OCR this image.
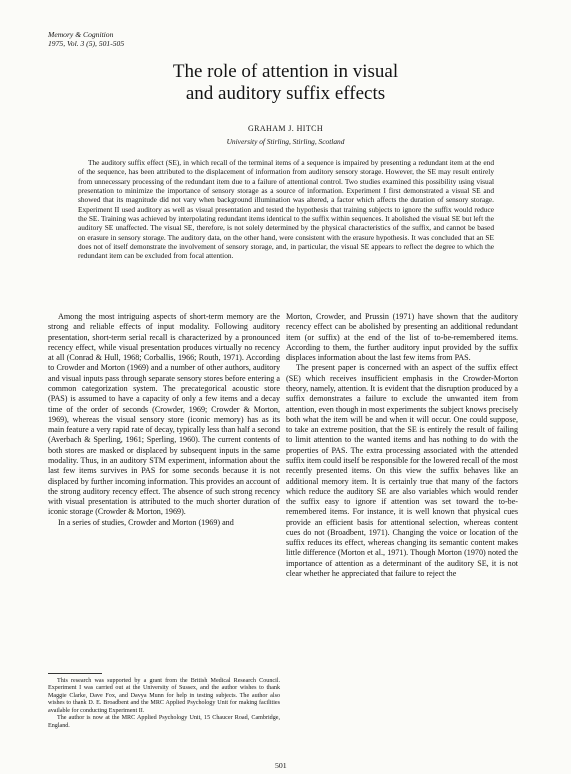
Memory & Cognition
1975, Vol. 3 (5), 501-505
The role of attention in visual
and auditory suffix effects
GRAHAM J. HITCH
University of Stirling, Stirling, Scotland

The auditory suffix effect (SE), in which recall of the terminal items of a sequence is impaired by presenting a redundant item at the end of the sequence, has been attributed to the displacement of information from auditory sensory storage. However, the SE may result entirely from unnecessary processing of the redundant item due to a failure of attentional control. Two studies examined this possibility using visual presentation to minimize the importance of sensory storage as a source of information. Experiment I first demonstrated a visual SE and showed that its magnitude did not vary when background illumination was altered, a factor which affects the duration of sensory storage. Experiment II used auditory as well as visual presentation and tested the hypothesis that training subjects to ignore the suffix would reduce the SE. Training was achieved by interpolating redundant items identical to the suffix within sequences. It abolished the visual SE but left the auditory SE unaffected. The visual SE, therefore, is not solely determined by the physical characteristics of the suffix, and cannot be based on erasure in sensory storage. The auditory data, on the other hand, were consistent with the erasure hypothesis. It was concluded that an SE does not of itself demonstrate the involvement of sensory storage, and, in particular, the visual SE appears to reflect the degree to which the redundant item can be excluded from focal attention.

Among the most intriguing aspects of short-term memory are the strong and reliable effects of input modality. Following auditory presentation, short-term serial recall is characterized by a pronounced recency effect, while visual presentation produces virtually no recency at all (Conrad & Hull, 1968; Corballis, 1966; Routh, 1971). According to Crowder and Morton (1969) and a number of other authors, auditory and visual inputs pass through separate sensory stores before entering a common categorization system. The precategorical acoustic store (PAS) is assumed to have a capacity of only a few items and a decay time of the order of seconds (Crowder, 1969; Crowder & Morton, 1969), whereas the visual sensory store (iconic memory) has as its main feature a very rapid rate of decay, typically less than half a second (Averbach & Sperling, 1961; Sperling, 1960). The current contents of both stores are masked or displaced by subsequent inputs in the same modality. Thus, in an auditory STM experiment, information about the last few items survives in PAS for some seconds because it is not displaced by further incoming information. This provides an account of the strong auditory recency effect. The absence of such strong recency with visual presentation is attributed to the much shorter duration of iconic storage (Crowder & Morton, 1969).

In a series of studies, Crowder and Morton (1969) and

Morton, Crowder, and Prussin (1971) have shown that the auditory recency effect can be abolished by presenting an additional redundant item (or suffix) at the end of the list of to-be-remembered items. According to them, the further auditory input provided by the suffix displaces information about the last few items from PAS.

The present paper is concerned with an aspect of the suffix effect (SE) which receives insufficient emphasis in the Crowder-Morton theory, namely, attention. It is evident that the disruption produced by a suffix demonstrates a failure to exclude the unwanted item from attention, even though in most experiments the subject knows precisely both what the item will be and when it will occur. One could suppose, to take an extreme position, that the SE is entirely the result of failing to limit attention to the wanted items and has nothing to do with the properties of PAS. The extra processing associated with the attended suffix item could itself be responsible for the lowered recall of the most recently presented items. On this view the suffix behaves like an additional memory item. It is certainly true that many of the factors which reduce the auditory SE are also variables which would render the suffix easy to ignore if attention was set toward the to-be-remembered items. For instance, it is well known that physical cues provide an efficient basis for attentional selection, whereas content cues do not (Broadbent, 1971). Changing the voice or location of the suffix reduces its effect, whereas changing its semantic content makes little difference (Morton et al., 1971). Though Morton (1970) noted the importance of attention as a determinant of the auditory SE, it is not clear whether he appreciated that failure to reject the

This research was supported by a grant from the British Medical Research Council. Experiment I was carried out at the University of Sussex, and the author wishes to thank Maggie Clarke, Dave Fox, and Davya Munn for help in testing subjects. The author also wishes to thank D. E. Broadbent and the MRC Applied Psychology Unit for making facilities available for conducting Experiment II.

The author is now at the MRC Applied Psychology Unit, 15 Chaucer Road, Cambridge, England.

501
